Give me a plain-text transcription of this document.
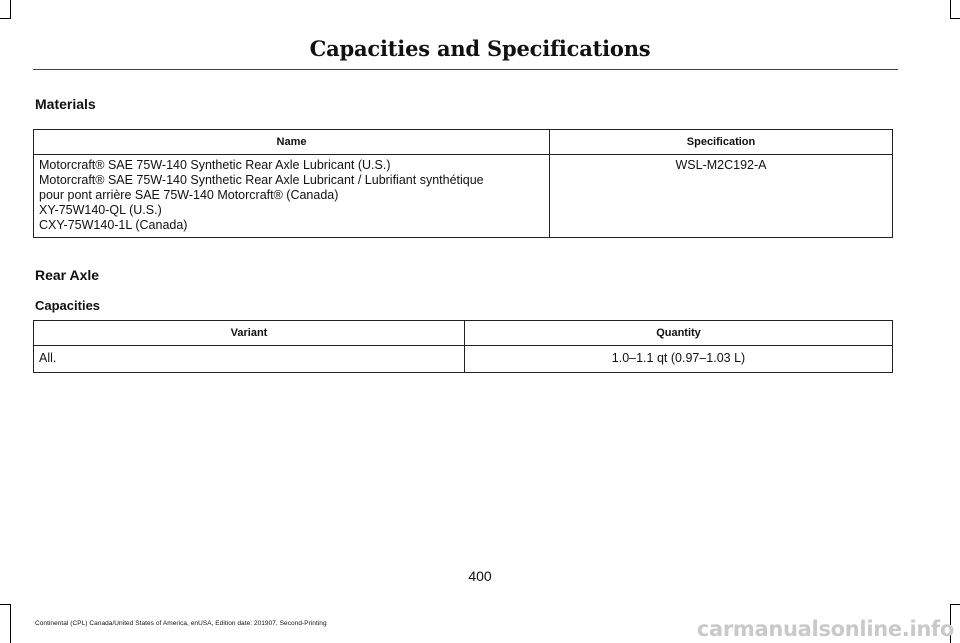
Capacities and Specifications
Materials
Name	Specification

Motorcraft® SAE 75W-140 Synthetic Rear Axle Lubricant (U.S.)
Motorcraft® SAE 75W-140 Synthetic Rear Axle Lubricant / Lubrifiant synthétique
pour pont arrière SAE 75W-140 Motorcraft® (Canada)
XY-75W140-QL (U.S.)
CXY-75W140-1L (Canada)	WSL-M2C192-A
Rear Axle
Capacities
Variant	Quantity
All.	1.0–1.1 qt (0.97–1.03 L)
400
Continental (CPL) Canada/United States of America, enUSA, Edition date: 201907, Second-Printing	carmanualsonline.info
